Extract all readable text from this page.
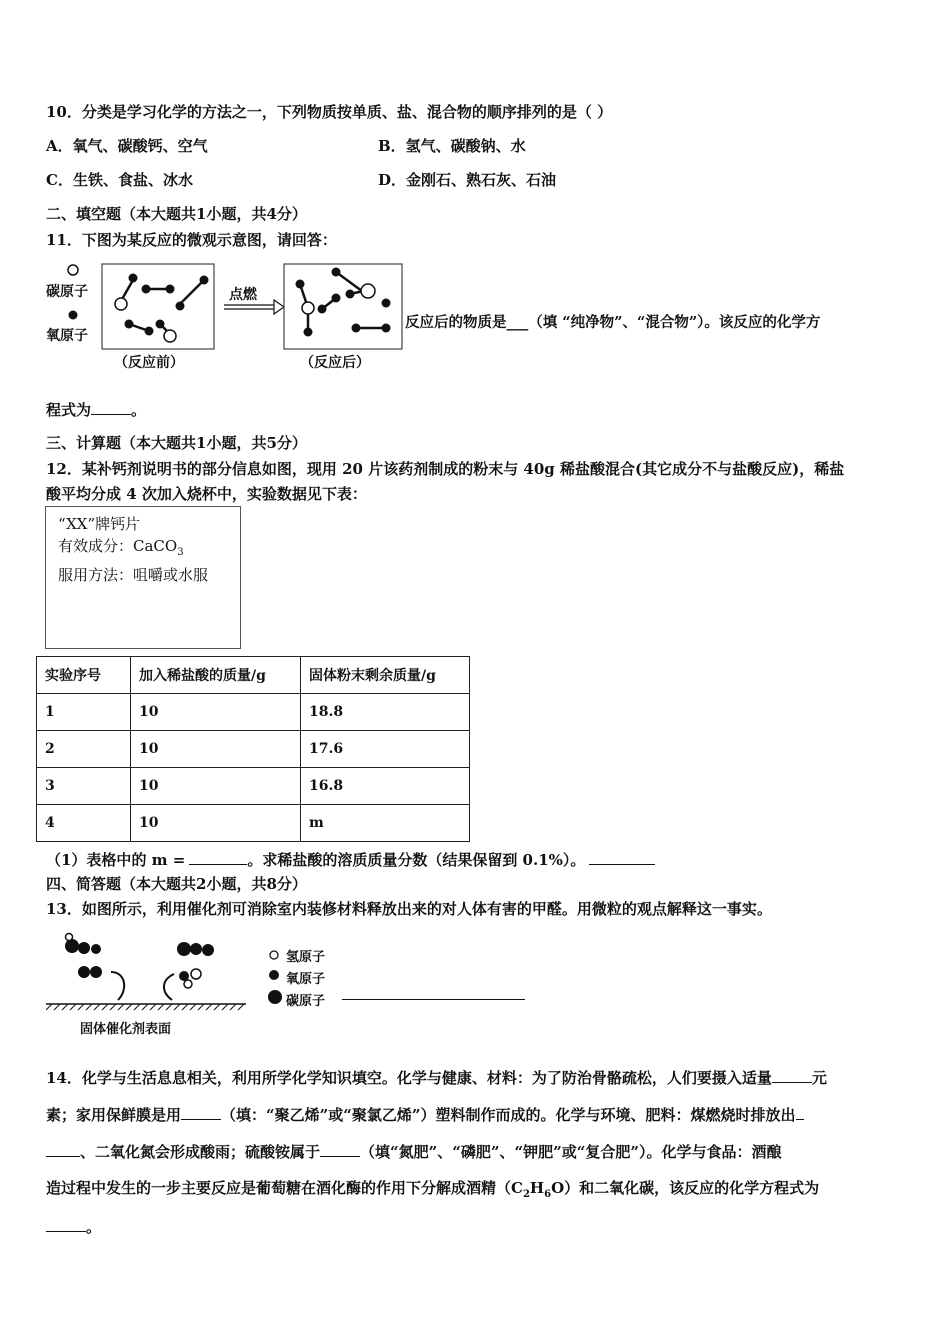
10．分类是学习化学的方法之一，下列物质按单质、盐、混合物的顺序排列的是（ ）
A．氧气、碳酸钙、空气	B．氢气、碳酸钠、水
C．生铁、食盐、冰水	D．金刚石、熟石灰、石油
二、填空题（本大题共1小题，共4分）
11．下图为某反应的微观示意图，请回答：
碳原子
氧原子
点燃
（反应前）	（反应后）
反应后的物质是___（填 “纯净物”、“混合物”）。该反应的化学方
程式为	。
三、计算题（本大题共1小题，共5分）
12．某补钙剂说明书的部分信息如图，现用 20 片该药剂制成的粉末与 40g 稀盐酸混合(其它成分不与盐酸反应)，稀盐
酸平均分成 4 次加入烧杯中，实验数据见下表：
“XX”牌钙片
有效成分：CaCO$_3$
服用方法：咀嚼或水服
实验序号	加入稀盐酸的质量/g	固体粉末剩余质量/g
1	10	18.8
2	10	17.6
3	10	16.8
4	10	m
（1）表格中的 m =	。求稀盐酸的溶质质量分数（结果保留到 0.1%）。
四、简答题（本大题共2小题，共8分）
13．如图所示，利用催化剂可消除室内装修材料释放出来的对人体有害的甲醛。用微粒的观点解释这一事实。
固体催化剂表面
氢原子
氧原子
碳原子
14．化学与生活息息相关，利用所学化学知识填空。化学与健康、材料：为了防治骨骼疏松，人们要摄入适量	元
素；家用保鲜膜是用	（填：“聚乙烯”或“聚氯乙烯”）塑料制作而成的。化学与环境、肥料：煤燃烧时排放出
、二氧化氮会形成酸雨；硫酸铵属于	（填“氮肥”、“磷肥”、“钾肥”或“复合肥”）。化学与食品：酒酿
造过程中发生的一步主要反应是葡萄糖在酒化酶的作用下分解成酒精$(C_2H_6O)$和二氧化碳，该反应的化学方程式为
。
